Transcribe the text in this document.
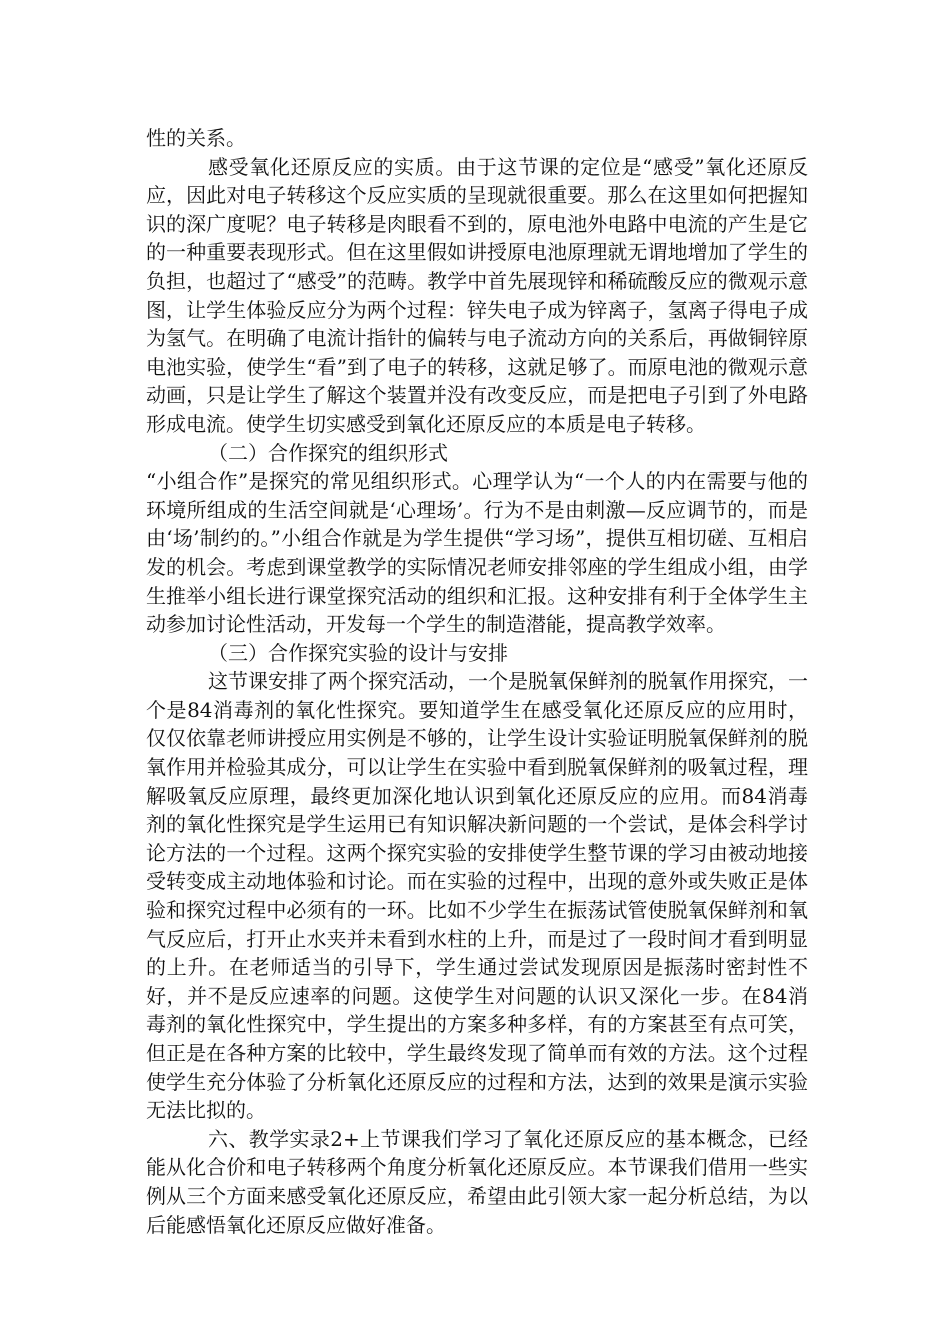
性的关系。

感受氧化还原反应的实质。由于这节课的定位是“感受”氧化还原反应，因此对电子转移这个反应实质的呈现就很重要。那么在这里如何把握知识的深广度呢？电子转移是肉眼看不到的，原电池外电路中电流的产生是它的一种重要表现形式。但在这里假如讲授原电池原理就无谓地增加了学生的负担，也超过了“感受”的范畴。教学中首先展现锌和稀硫酸反应的微观示意图，让学生体验反应分为两个过程：锌失电子成为锌离子，氢离子得电子成为氢气。在明确了电流计指针的偏转与电子流动方向的关系后，再做铜锌原电池实验，使学生“看”到了电子的转移，这就足够了。而原电池的微观示意动画，只是让学生了解这个装置并没有改变反应，而是把电子引到了外电路形成电流。使学生切实感受到氧化还原反应的本质是电子转移。

（二）合作探究的组织形式

“小组合作”是探究的常见组织形式。心理学认为“一个人的内在需要与他的环境所组成的生活空间就是‘心理场’。行为不是由刺激—反应调节的，而是由‘场’制约的。”小组合作就是为学生提供“学习场”，提供互相切磋、互相启发的机会。考虑到课堂教学的实际情况老师安排邻座的学生组成小组，由学生推举小组长进行课堂探究活动的组织和汇报。这种安排有利于全体学生主动参加讨论性活动，开发每一个学生的制造潜能，提高教学效率。

（三）合作探究实验的设计与安排

这节课安排了两个探究活动，一个是脱氧保鲜剂的脱氧作用探究，一个是84消毒剂的氧化性探究。要知道学生在感受氧化还原反应的应用时，仅仅依靠老师讲授应用实例是不够的，让学生设计实验证明脱氧保鲜剂的脱氧作用并检验其成分，可以让学生在实验中看到脱氧保鲜剂的吸氧过程，理解吸氧反应原理，最终更加深化地认识到氧化还原反应的应用。而84消毒剂的氧化性探究是学生运用已有知识解决新问题的一个尝试，是体会科学讨论方法的一个过程。这两个探究实验的安排使学生整节课的学习由被动地接受转变成主动地体验和讨论。而在实验的过程中，出现的意外或失败正是体验和探究过程中必须有的一环。比如不少学生在振荡试管使脱氧保鲜剂和氧气反应后，打开止水夹并未看到水柱的上升，而是过了一段时间才看到明显的上升。在老师适当的引导下，学生通过尝试发现原因是振荡时密封性不好，并不是反应速率的问题。这使学生对问题的认识又深化一步。在84消毒剂的氧化性探究中，学生提出的方案多种多样，有的方案甚至有点可笑，但正是在各种方案的比较中，学生最终发现了简单而有效的方法。这个过程使学生充分体验了分析氧化还原反应的过程和方法，达到的效果是演示实验无法比拟的。

六、教学实录2+上节课我们学习了氧化还原反应的基本概念，已经能从化合价和电子转移两个角度分析氧化还原反应。本节课我们借用一些实例从三个方面来感受氧化还原反应，希望由此引领大家一起分析总结，为以后能感悟氧化还原反应做好准备。
